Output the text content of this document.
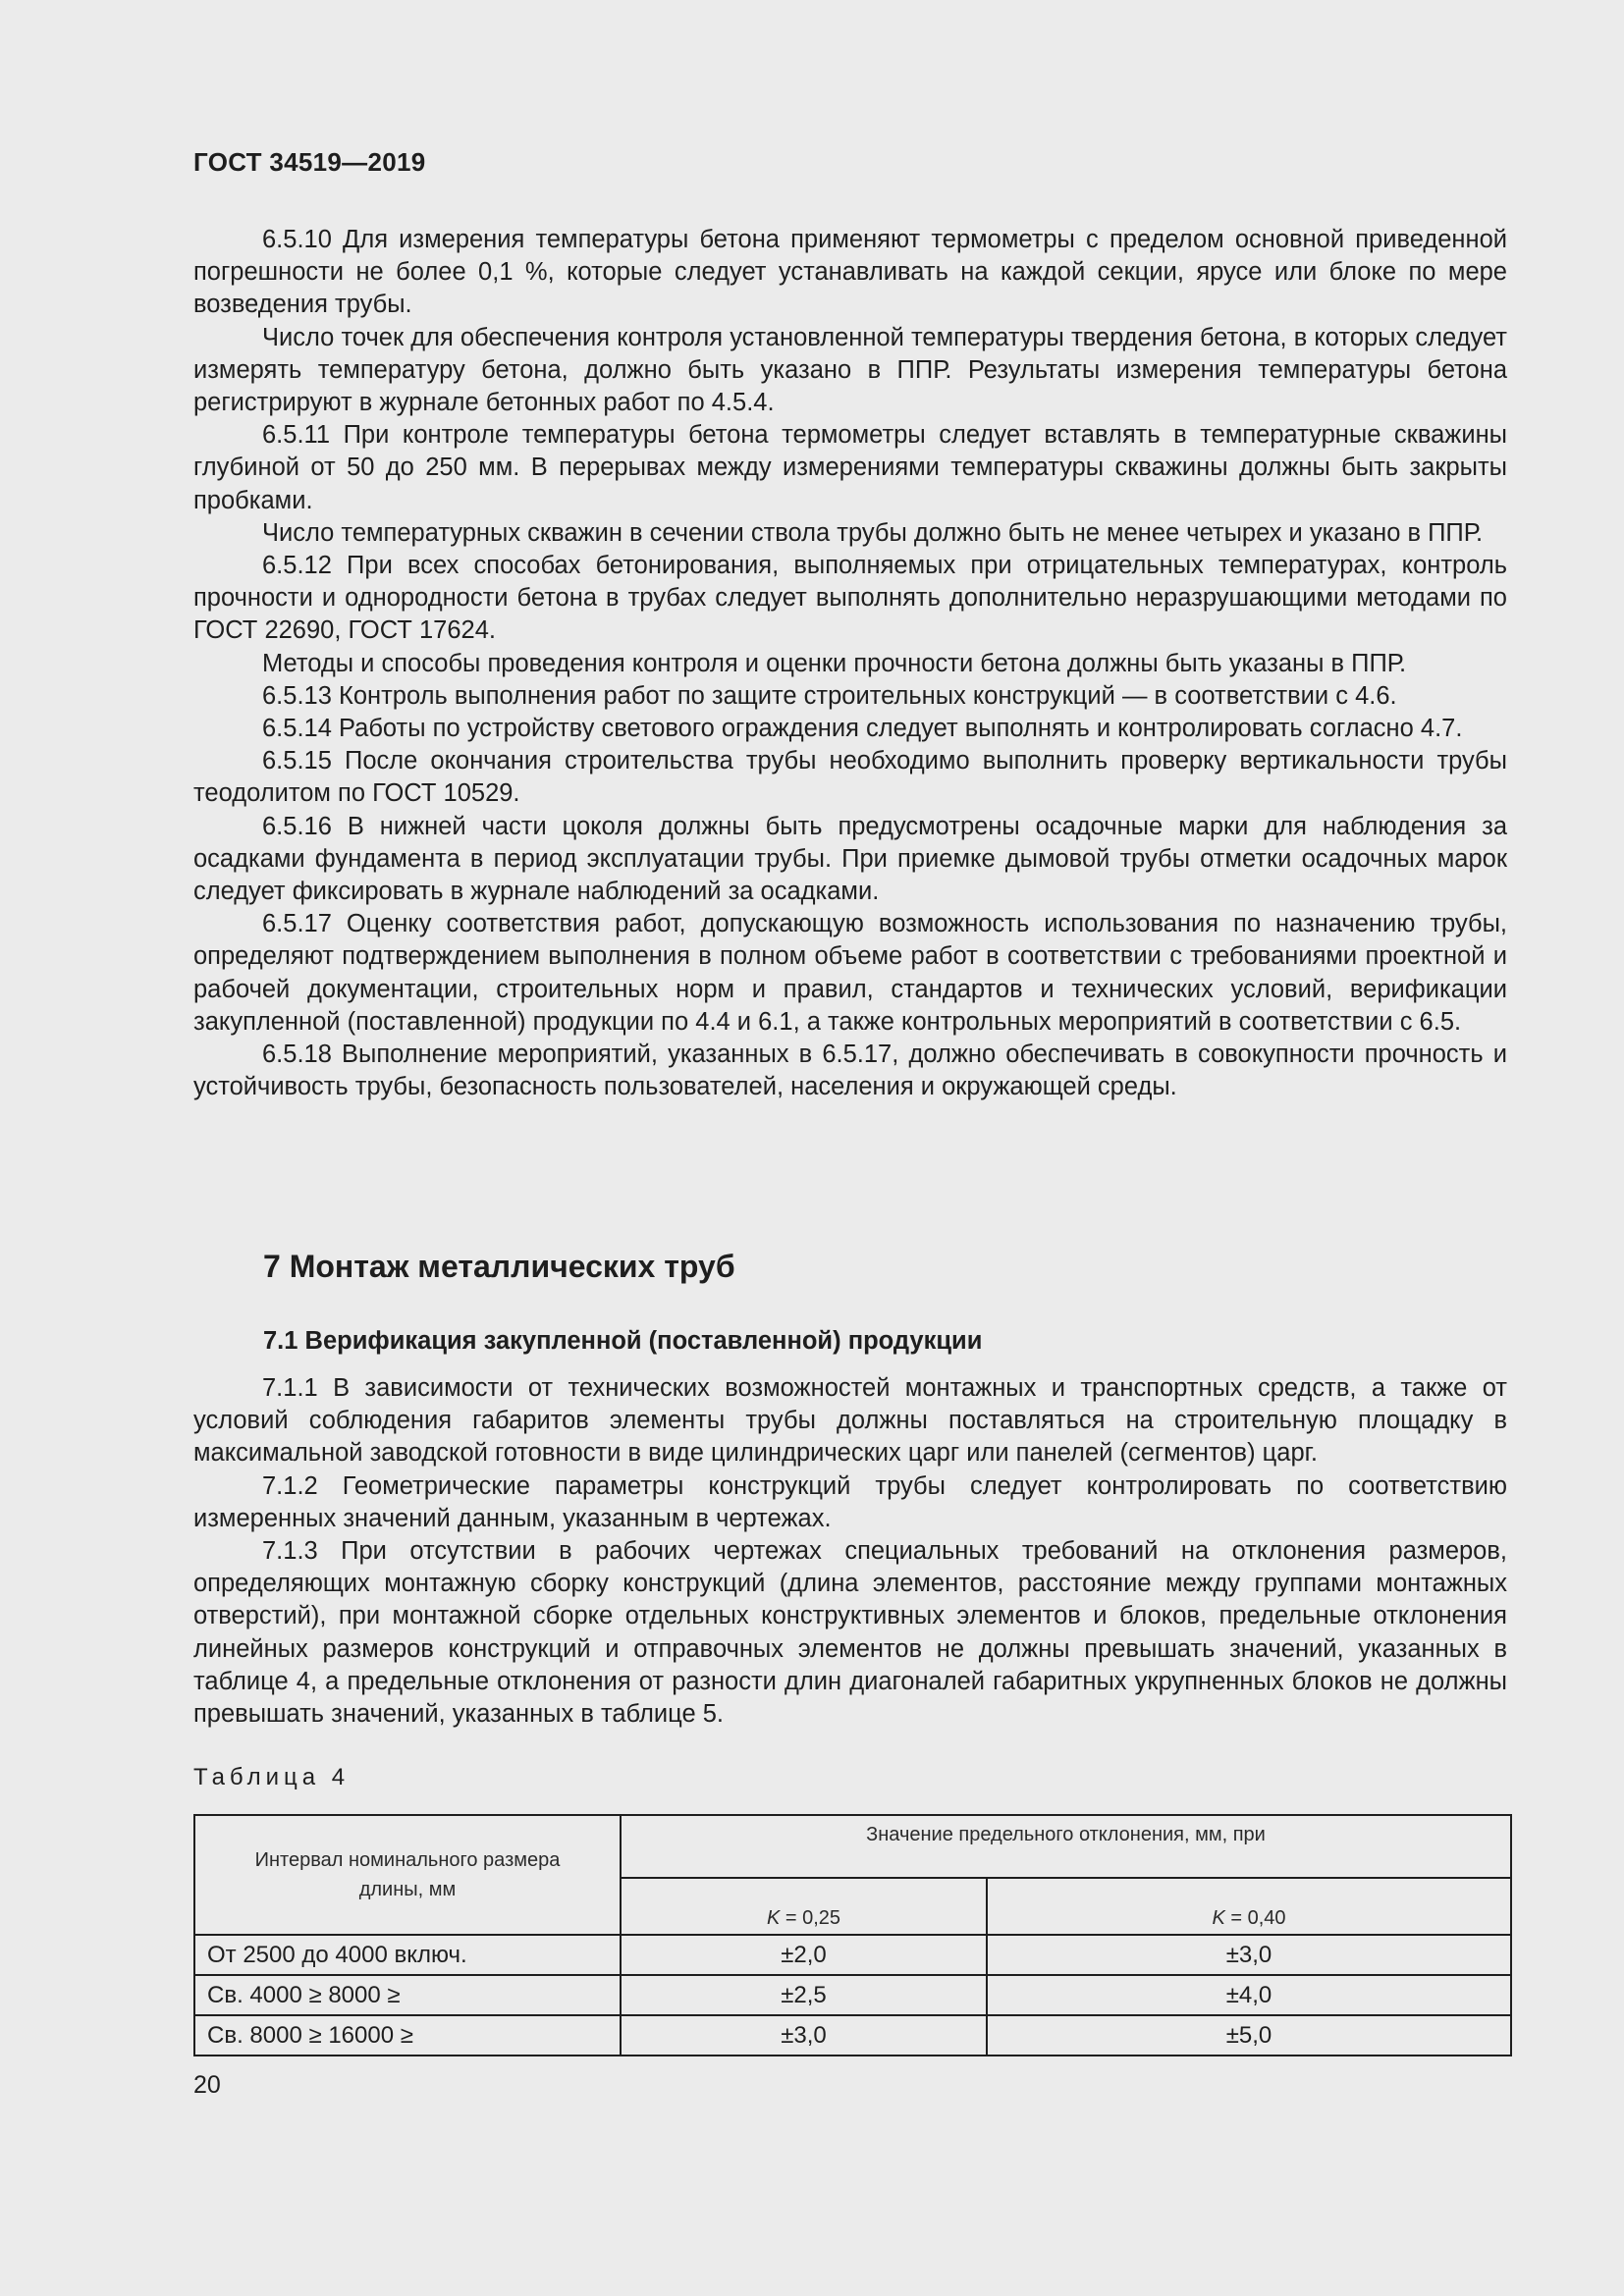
ГОСТ 34519—2019

6.5.10 Для измерения температуры бетона применяют термометры с пределом основной приведенной погрешности не более 0,1 %, которые следует устанавливать на каждой секции, ярусе или блоке по мере возведения трубы.

Число точек для обеспечения контроля установленной температуры твердения бетона, в которых следует измерять температуру бетона, должно быть указано в ППР. Результаты измерения температуры бетона регистрируют в журнале бетонных работ по 4.5.4.

6.5.11 При контроле температуры бетона термометры следует вставлять в температурные скважины глубиной от 50 до 250 мм. В перерывах между измерениями температуры скважины должны быть закрыты пробками.

Число температурных скважин в сечении ствола трубы должно быть не менее четырех и указано в ППР.

6.5.12 При всех способах бетонирования, выполняемых при отрицательных температурах, контроль прочности и однородности бетона в трубах следует выполнять дополнительно неразрушающими методами по ГОСТ 22690, ГОСТ 17624.

Методы и способы проведения контроля и оценки прочности бетона должны быть указаны в ППР.

6.5.13 Контроль выполнения работ по защите строительных конструкций — в соответствии с 4.6.

6.5.14 Работы по устройству светового ограждения следует выполнять и контролировать согласно 4.7.

6.5.15 После окончания строительства трубы необходимо выполнить проверку вертикальности трубы теодолитом по ГОСТ 10529.

6.5.16 В нижней части цоколя должны быть предусмотрены осадочные марки для наблюдения за осадками фундамента в период эксплуатации трубы. При приемке дымовой трубы отметки осадочных марок следует фиксировать в журнале наблюдений за осадками.

6.5.17 Оценку соответствия работ, допускающую возможность использования по назначению трубы, определяют подтверждением выполнения в полном объеме работ в соответствии с требованиями проектной и рабочей документации, строительных норм и правил, стандартов и технических условий, верификации закупленной (поставленной) продукции по 4.4 и 6.1, а также контрольных мероприятий в соответствии с 6.5.

6.5.18 Выполнение мероприятий, указанных в 6.5.17, должно обеспечивать в совокупности прочность и устойчивость трубы, безопасность пользователей, населения и окружающей среды.

7 Монтаж металлических труб
7.1 Верификация закупленной (поставленной) продукции

7.1.1 В зависимости от технических возможностей монтажных и транспортных средств, а также от условий соблюдения габаритов элементы трубы должны поставляться на строительную площадку в максимальной заводской готовности в виде цилиндрических царг или панелей (сегментов) царг.

7.1.2 Геометрические параметры конструкций трубы следует контролировать по соответствию измеренных значений данным, указанным в чертежах.

7.1.3 При отсутствии в рабочих чертежах специальных требований на отклонения размеров, определяющих монтажную сборку конструкций (длина элементов, расстояние между группами монтажных отверстий), при монтажной сборке отдельных конструктивных элементов и блоков, предельные отклонения линейных размеров конструкций и отправочных элементов не должны превышать значений, указанных в таблице 4, а предельные отклонения от разности длин диагоналей габаритных укрупненных блоков не должны превышать значений, указанных в таблице 5.

Таблица 4
Интервал номинального размера длины, мм	Значение предельного отклонения, мм, при	
	K = 0,25	K = 0,40
От 2500 до 4000 включ.	±2,0	±3,0
Св. 4000 ≥ 8000 ≥	±2,5	±4,0
Св. 8000 ≥ 16000 ≥	±3,0	±5,0
20
